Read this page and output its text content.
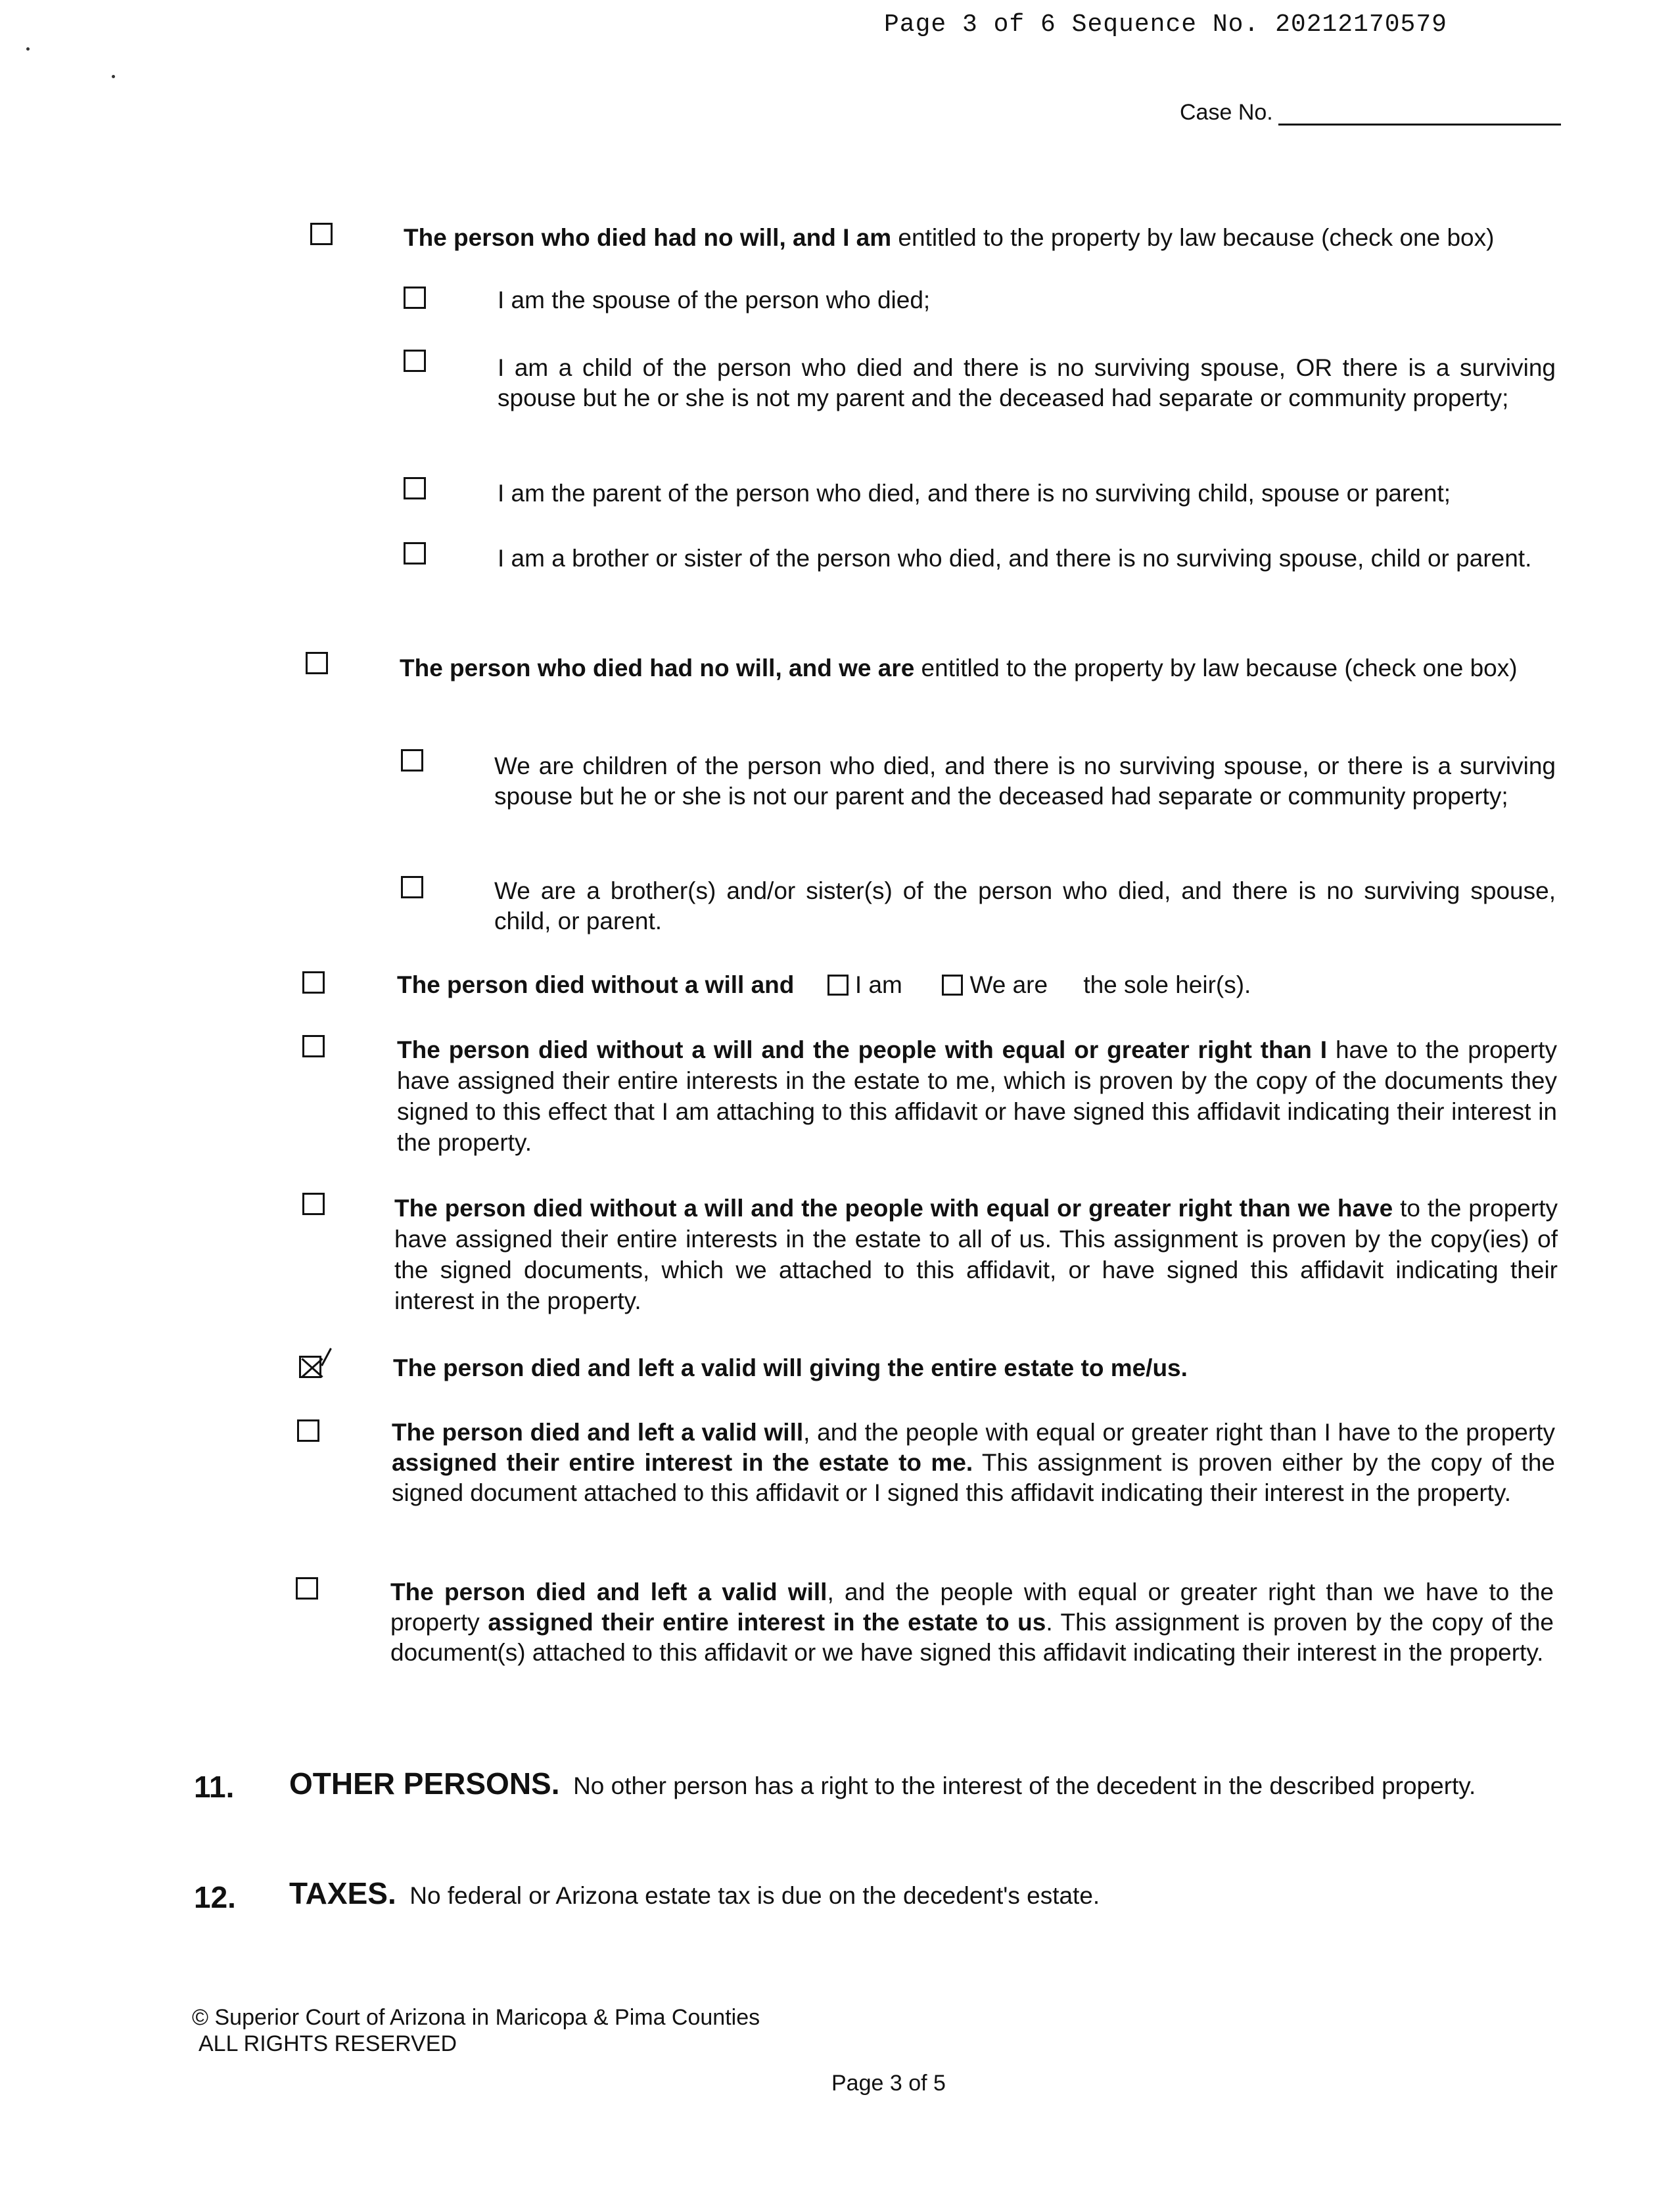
Page 3 of 6 Sequence No. 20212170579
Case No.
The person who died had no will, and I am entitled to the property by law because (check one box)
I am the spouse of the person who died;
I am a child of the person who died and there is no surviving spouse, OR there is a surviving spouse but he or she is not my parent and the deceased had separate or community property;
I am the parent of the person who died, and there is no surviving child, spouse or parent;
I am a brother or sister of the person who died, and there is no surviving spouse, child or parent.
The person who died had no will, and we are entitled to the property by law because (check one box)
We are children of the person who died, and there is no surviving spouse, or there is a surviving spouse but he or she is not our parent and the deceased had separate or community property;
We are a brother(s) and/or sister(s) of the person who died, and there is no surviving spouse, child, or parent.
The person died without a will and	I am	We are the sole heir(s).
The person died without a will and the people with equal or greater right than I have to the property have assigned their entire interests in the estate to me, which is proven by the copy of the documents they signed to this effect that I am attaching to this affidavit or have signed this affidavit indicating their interest in the property.
The person died without a will and the people with equal or greater right than we have to the property have assigned their entire interests in the estate to all of us. This assignment is proven by the copy(ies) of the signed documents, which we attached to this affidavit, or have signed this affidavit indicating their interest in the property.
The person died and left a valid will giving the entire estate to me/us.
The person died and left a valid will, and the people with equal or greater right than I have to the property assigned their entire interest in the estate to me. This assignment is proven either by the copy of the signed document attached to this affidavit or I signed this affidavit indicating their interest in the property.
The person died and left a valid will, and the people with equal or greater right than we have to the property assigned their entire interest in the estate to us. This assignment is proven by the copy of the document(s) attached to this affidavit or we have signed this affidavit indicating their interest in the property.
11. OTHER PERSONS. No other person has a right to the interest of the decedent in the described property.
12. TAXES. No federal or Arizona estate tax is due on the decedent's estate.
© Superior Court of Arizona in Maricopa & Pima Counties
ALL RIGHTS RESERVED
Page 3 of 5
